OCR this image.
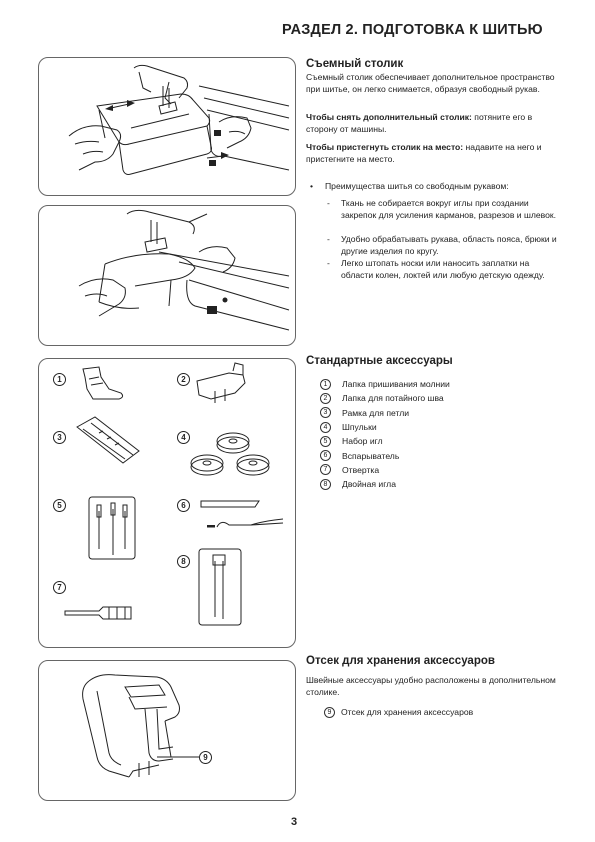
РАЗДЕЛ 2. ПОДГОТОВКА К ШИТЬЮ
1	2
3	4
5	6
8
7
9
Съемный столик
Съемный столик обеспечивает дополнительное пространство при шитье, он легко снимается, образуя свободный рукав.
Чтобы снять дополнительный столик: потяните его в сторону от машины.
Чтобы пристегнуть столик на место: надавите на него и пристегните на место.
• Преимущества шитья со свободным рукавом:
- Ткань не собирается вокруг иглы при создании закрепок для усиления карманов, разрезов и шлевок.
- Удобно обрабатывать рукава, область пояса, брюки и другие изделия по кругу.
- Легко штопать носки или наносить заплатки на области колен, локтей или любую детскую одежду.
Стандартные аксессуары
1	Лапка пришивания молнии
2	Лапка для потайного шва
3	Рамка для петли
4	Шпульки
5	Набор игл
6	Вспарыватель
7	Отвертка
8	Двойная игла
Отсек для хранения аксессуаров
Швейные аксессуары удобно расположены в дополнительном столике.
9	Отсек для хранения аксессуаров
3
